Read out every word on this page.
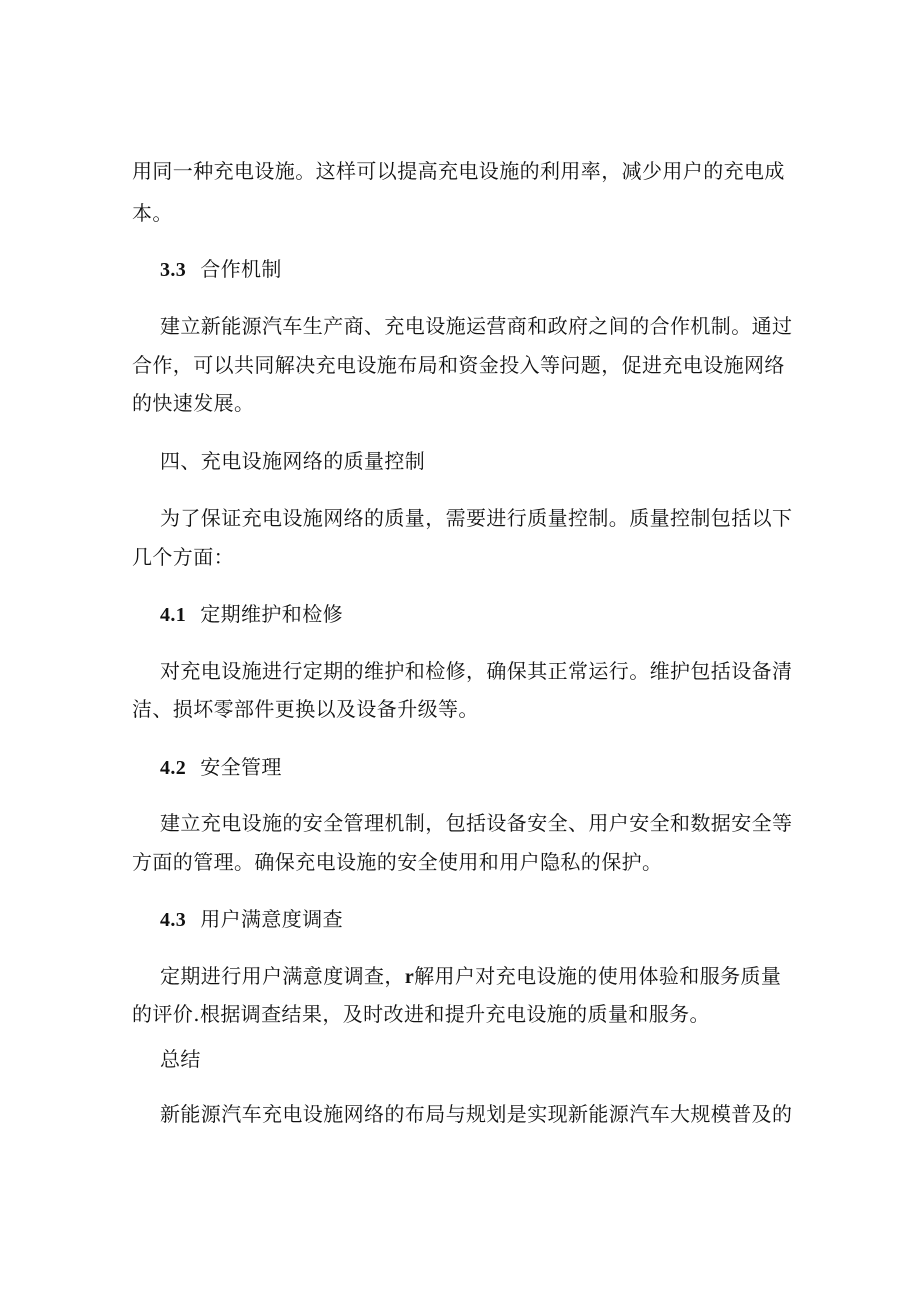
用同一种充电设施。这样可以提高充电设施的利用率，减少用户的充电成
本。
3.3 合作机制
建立新能源汽车生产商、充电设施运营商和政府之间的合作机制。通过
合作，可以共同解决充电设施布局和资金投入等问题，促进充电设施网络
的快速发展。
四、充电设施网络的质量控制
为了保证充电设施网络的质量，需要进行质量控制。质量控制包括以下
几个方面：
4.1 定期维护和检修
对充电设施进行定期的维护和检修，确保其正常运行。维护包括设备清
洁、损坏零部件更换以及设备升级等。
4.2 安全管理
建立充电设施的安全管理机制，包括设备安全、用户安全和数据安全等
方面的管理。确保充电设施的安全使用和用户隐私的保护。
4.3 用户满意度调查
定期进行用户满意度调查，r解用户对充电设施的使用体验和服务质量
的评价.根据调查结果，及时改进和提升充电设施的质量和服务。
总结
新能源汽车充电设施网络的布局与规划是实现新能源汽车大规模普及的
